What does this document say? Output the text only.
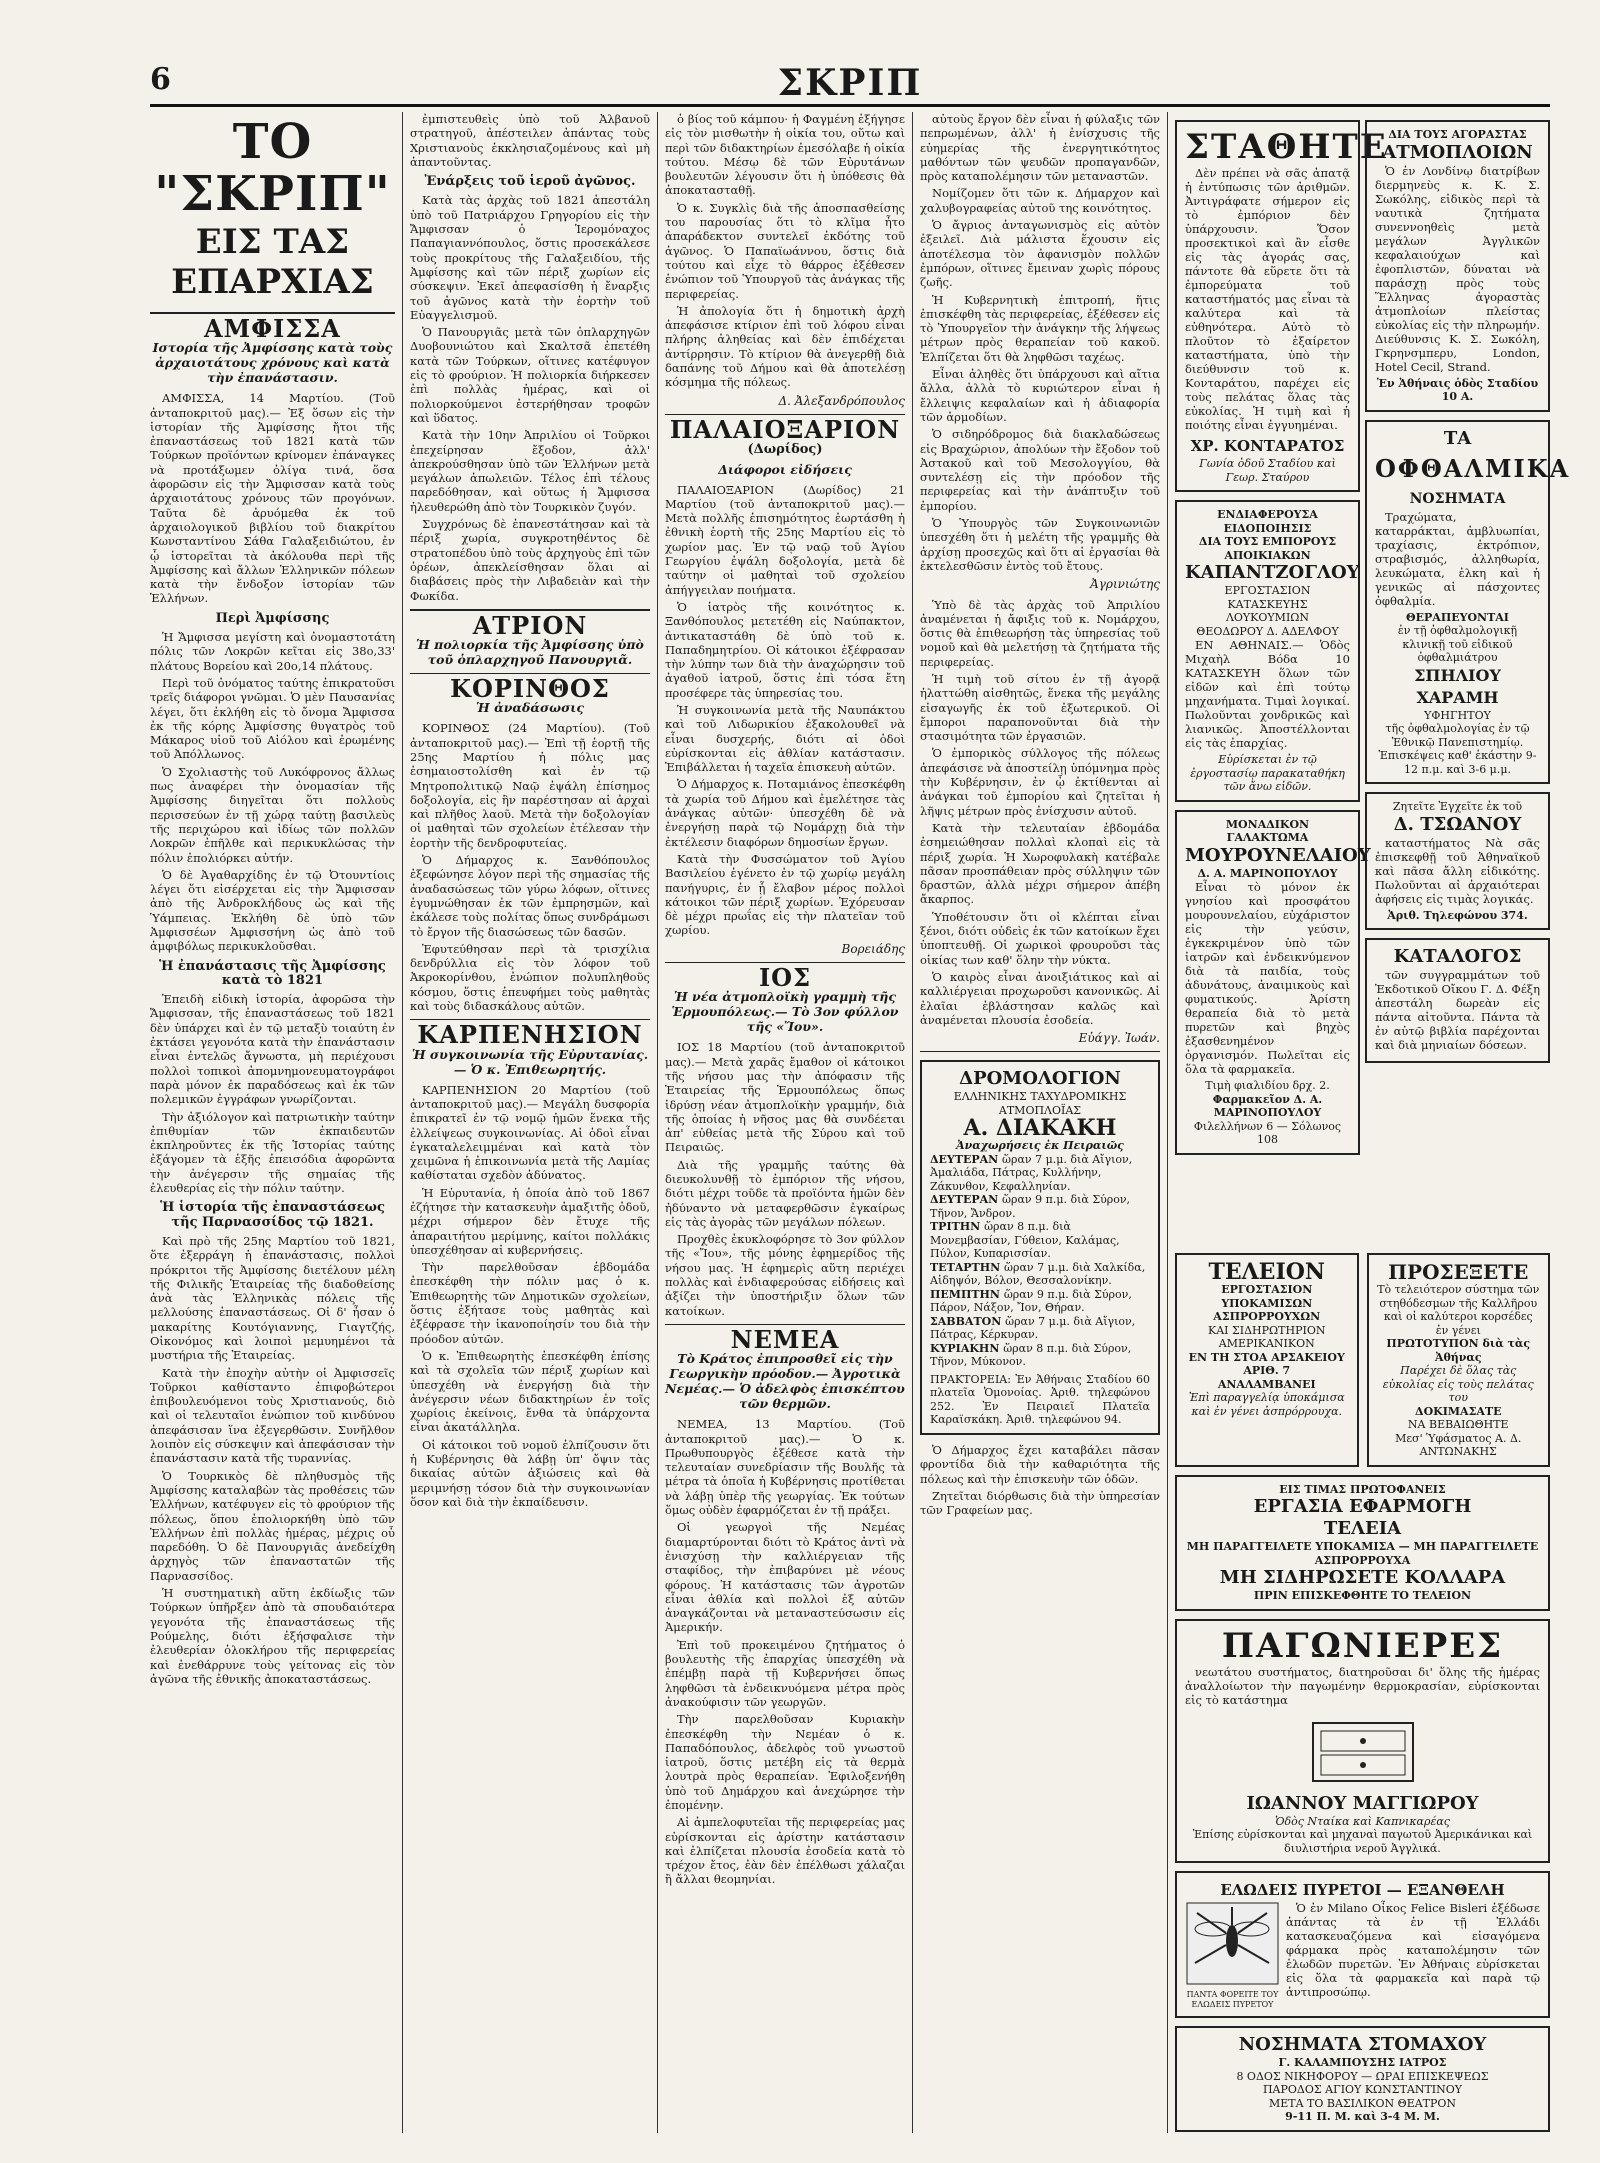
6	ΣΚΡΙΠ
ΤΟ "ΣΚΡΙΠ"
ΕΙΣ ΤΑΣ ΕΠΑΡΧΙΑΣ
ΑΜΦΙΣΣΑ
Ιστορία τῆς Ἀμφίσσης κατὰ τοὺς ἀρχαιοτάτους χρόνους καὶ κατὰ τὴν ἐπανάστασιν.

ΑΜΦΙΣΣΑ, 14 Μαρτίου. (Τοῦ ἀνταποκριτοῦ μας).— Ἐξ ὅσων εἰς τὴν ἱστορίαν τῆς Ἀμφίσσης ἤτοι τῆς ἐπαναστάσεως τοῦ 1821 κατὰ τῶν Τούρκων προϊόντων κρίνομεν ἐπάναγκες νὰ προτάξωμεν ὀλίγα τινά, ὅσα ἀφορῶσιν εἰς τὴν Ἄμφισσαν κατὰ τοὺς ἀρχαιοτάτους χρόνους τῶν προγόνων. Ταῦτα δὲ ἀρυόμεθα ἐκ τοῦ ἀρχαιολογικοῦ βιβλίου τοῦ διακρίτου Κωνσταντίνου Σάθα Γαλαξειδιώτου, ἐν ᾧ ἱστορεῖται τὰ ἀκόλουθα περὶ τῆς Ἀμφίσσης καὶ ἄλλων Ἑλληνικῶν πόλεων κατὰ τὴν ἔνδοξον ἱστορίαν τῶν Ἑλλήνων.

Περὶ Ἀμφίσσης

Ἡ Ἄμφισσα μεγίστη καὶ ὀνομαστοτάτη πόλις τῶν Λοκρῶν κεῖται εἰς 38ο,33' πλάτους Βορείου καὶ 20ο,14 πλάτους.

Περὶ τοῦ ὀνόματος ταύτης ἐπικρατοῦσι τρεῖς διάφοροι γνῶμαι. Ὁ μὲν Παυσανίας λέγει, ὅτι ἐκλήθη εἰς τὸ ὄνομα Ἄμφισσα ἐκ τῆς κόρης Ἀμφίσσης θυγατρὸς τοῦ Μάκαρος υἱοῦ τοῦ Αἰόλου καὶ ἐρωμένης τοῦ Ἀπόλλωνος.

Ὁ Σχολιαστὴς τοῦ Λυκόφρονος ἄλλως πως ἀναφέρει τὴν ὀνομασίαν τῆς Ἀμφίσσης διηγεῖται ὅτι πολλοὺς περισσεύων ἐν τῇ χώρᾳ ταύτῃ βασιλεὺς τῆς περιχώρου καὶ ἰδίως τῶν πολλῶν Λοκρῶν ἐπῆλθε καὶ περικυκλώσας τὴν πόλιν ἐπολιόρκει αὐτήν.

Ὁ δὲ Ἀγαθαρχίδης ἐν τῷ Ὀτουντίοις λέγει ὅτι εἰσέρχεται εἰς τὴν Ἄμφισσαν ἀπὸ τῆς Ἀνδροκλήδους ὡς καὶ τῆς Ὑάμπειας. Ἐκλήθη δὲ ὑπὸ τῶν Ἀμφισσέων Ἀμφισσήνη ὡς ἀπὸ τοῦ ἀμφιβόλως περικυκλοῦσθαι.

Ἡ ἐπανάστασις τῆς Ἀμφίσσης κατὰ τὸ 1821

Ἐπειδὴ εἰδικὴ ἱστορία, ἀφορῶσα τὴν Ἄμφισσαν, τῆς ἐπαναστάσεως τοῦ 1821 δὲν ὑπάρχει καὶ ἐν τῷ μεταξὺ τοιαύτη ἐν ἐκτάσει γεγονότα κατὰ τὴν ἐπανάστασιν εἶναι ἐντελῶς ἄγνωστα, μὴ περιέχουσι πολλοὶ τοπικοὶ ἀπομνημονευματογράφοι παρὰ μόνον ἐκ παραδόσεως καὶ ἐκ τῶν πολεμικῶν ἐγγράφων γνωρίζονται.

Τὴν ἀξιόλογον καὶ πατριωτικὴν ταύτην ἐπιθυμίαν τῶν ἐκπαιδευτῶν ἐκπληροῦντες ἐκ τῆς Ἱστορίας ταύτης ἐξάγομεν τὰ ἑξῆς ἐπεισόδια ἀφορῶντα τὴν ἀνέγερσιν τῆς σημαίας τῆς ἐλευθερίας εἰς τὴν πόλιν ταύτην.

Ἡ ἱστορία τῆς ἐπαναστάσεως τῆς Παρνασσίδος τῷ 1821.

Καὶ πρὸ τῆς 25ης Μαρτίου τοῦ 1821, ὅτε ἐξερράγη ἡ ἐπανάστασις, πολλοὶ πρόκριτοι τῆς Ἀμφίσσης διετέλουν μέλη τῆς Φιλικῆς Ἑταιρείας τῆς διαδοθείσης ἀνὰ τὰς Ἑλληνικὰς πόλεις τῆς μελλούσης ἐπαναστάσεως. Οἱ δ' ἦσαν ὁ μακαρίτης Κουτόγιαννης, Γιαγτζής, Οἰκονόμος καὶ λοιποὶ μεμυημένοι τὰ μυστήρια τῆς Ἑταιρείας.

Κατὰ τὴν ἐποχὴν αὐτὴν οἱ Ἀμφισσεῖς Τοῦρκοι καθίσταντο ἐπιφοβώτεροι ἐπιβουλευόμενοι τοὺς Χριστιανούς, διὸ καὶ οἱ τελευταῖοι ἐνώπιον τοῦ κινδύνου ἀπεφάσισαν ἵνα ἐξεγερθῶσιν. Συνῆλθον λοιπὸν εἰς σύσκεψιν καὶ ἀπεφάσισαν τὴν ἐπανάστασιν κατὰ τῆς τυραννίας.

Ὁ Τουρκικὸς δὲ πληθυσμὸς τῆς Ἀμφίσσης καταλαβὼν τὰς προθέσεις τῶν Ἑλλήνων, κατέφυγεν εἰς τὸ φρούριον τῆς πόλεως, ὅπου ἐπολιορκήθη ὑπὸ τῶν Ἑλλήνων ἐπὶ πολλὰς ἡμέρας, μέχρις οὗ παρεδόθη. Ὁ δὲ Πανουργιᾶς ἀνεδείχθη ἀρχηγὸς τῶν ἐπαναστατῶν τῆς Παρνασσίδος.

Ἡ συστηματικὴ αὕτη ἐκδίωξις τῶν Τούρκων ὑπῆρξεν ἀπὸ τὰ σπουδαιότερα γεγονότα τῆς ἐπαναστάσεως τῆς Ρούμελης, διότι ἐξήσφαλισε τὴν ἐλευθερίαν ὁλοκλήρου τῆς περιφερείας καὶ ἐνεθάρρυνε τοὺς γείτονας εἰς τὸν ἀγῶνα τῆς ἐθνικῆς ἀποκαταστάσεως.

ἐμπιστευθεὶς ὑπὸ τοῦ Ἀλβανοῦ στρατηγοῦ, ἀπέστειλεν ἀπάντας τοὺς Χριστιανοὺς ἐκκλησιαζομένους καὶ μὴ ἀπαντοῦντας.

Ἐνάρξεις τοῦ ἱεροῦ ἀγῶνος.

Κατὰ τὰς ἀρχὰς τοῦ 1821 ἀπεστάλη ὑπὸ τοῦ Πατριάρχου Γρηγορίου εἰς τὴν Ἄμφισσαν ὁ Ἱερομόναχος Παπαγιαννόπουλος, ὅστις προσεκάλεσε τοὺς προκρίτους τῆς Γαλαξειδίου, τῆς Ἀμφίσσης καὶ τῶν πέριξ χωρίων εἰς σύσκεψιν. Ἐκεῖ ἀπεφασίσθη ἡ ἔναρξις τοῦ ἀγῶνος κατὰ τὴν ἑορτὴν τοῦ Εὐαγγελισμοῦ.

Ὁ Πανουργιᾶς μετὰ τῶν ὁπλαρχηγῶν Δυοβουνιώτου καὶ Σκαλτσᾶ ἐπετέθη κατὰ τῶν Τούρκων, οἵτινες κατέφυγον εἰς τὸ φρούριον. Ἡ πολιορκία διήρκεσεν ἐπὶ πολλὰς ἡμέρας, καὶ οἱ πολιορκούμενοι ἐστερήθησαν τροφῶν καὶ ὕδατος.

Κατὰ τὴν 10ην Ἀπριλίου οἱ Τοῦρκοι ἐπεχείρησαν ἔξοδον, ἀλλ' ἀπεκρούσθησαν ὑπὸ τῶν Ἑλλήνων μετὰ μεγάλων ἀπωλειῶν. Τέλος ἐπὶ τέλους παρεδόθησαν, καὶ οὕτως ἡ Ἄμφισσα ἠλευθερώθη ἀπὸ τὸν Τουρκικὸν ζυγόν.

Συγχρόνως δὲ ἐπανεστάτησαν καὶ τὰ πέριξ χωρία, συγκροτηθέντος δὲ στρατοπέδου ὑπὸ τοὺς ἀρχηγοὺς ἐπὶ τῶν ὀρέων, ἀπεκλείσθησαν ὅλαι αἱ διαβάσεις πρὸς τὴν Λιβαδειὰν καὶ τὴν Φωκίδα.

ΑΤΡΙΟΝ
Ἡ πολιορκία τῆς Ἀμφίσσης ὑπὸ τοῦ ὁπλαρχηγοῦ Πανουργιᾶ.
ΚΟΡΙΝΘΟΣ
Ἡ ἀναδάσωσις

ΚΟΡΙΝΘΟΣ (24 Μαρτίου). (Τοῦ ἀνταποκριτοῦ μας).— Ἐπὶ τῇ ἑορτῇ τῆς 25ης Μαρτίου ἡ πόλις μας ἐσημαιοστολίσθη καὶ ἐν τῷ Μητροπολιτικῷ Ναῷ ἐψάλη ἐπίσημος δοξολογία, εἰς ἣν παρέστησαν αἱ ἀρχαὶ καὶ πλῆθος λαοῦ. Μετὰ τὴν δοξολογίαν οἱ μαθηταὶ τῶν σχολείων ἐτέλεσαν τὴν ἑορτὴν τῆς δενδροφυτείας.

Ὁ Δήμαρχος κ. Ξανθόπουλος ἐξεφώνησε λόγον περὶ τῆς σημασίας τῆς ἀναδασώσεως τῶν γύρω λόφων, οἵτινες ἐγυμνώθησαν ἐκ τῶν ἐμπρησμῶν, καὶ ἐκάλεσε τοὺς πολίτας ὅπως συνδράμωσι τὸ ἔργον τῆς διασώσεως τῶν δασῶν.

Ἐφυτεύθησαν περὶ τὰ τρισχίλια δενδρύλλια εἰς τὸν λόφον τοῦ Ἀκροκορίνθου, ἐνώπιον πολυπληθοῦς κόσμου, ὅστις ἐπευφήμει τοὺς μαθητὰς καὶ τοὺς διδασκάλους αὐτῶν.

ΚΑΡΠΕΝΗΣΙΟΝ
Ἡ συγκοινωνία τῆς Εὐρυτανίας.— Ὁ κ. Ἐπιθεωρητής.

ΚΑΡΠΕΝΗΣΙΟΝ 20 Μαρτίου (τοῦ ἀνταποκριτοῦ μας).— Μεγάλη δυσφορία ἐπικρατεῖ ἐν τῷ νομῷ ἡμῶν ἕνεκα τῆς ἐλλείψεως συγκοινωνίας. Αἱ ὁδοὶ εἶναι ἐγκαταλελειμμέναι καὶ κατὰ τὸν χειμῶνα ἡ ἐπικοινωνία μετὰ τῆς Λαμίας καθίσταται σχεδὸν ἀδύνατος.

Ἡ Εὐρυτανία, ἡ ὁποία ἀπὸ τοῦ 1867 ἐζήτησε τὴν κατασκευὴν ἁμαξιτῆς ὁδοῦ, μέχρι σήμερον δὲν ἔτυχε τῆς ἀπαραιτήτου μερίμνης, καίτοι πολλάκις ὑπεσχέθησαν αἱ κυβερνήσεις.

Τὴν παρελθοῦσαν ἑβδομάδα ἐπεσκέφθη τὴν πόλιν μας ὁ κ. Ἐπιθεωρητὴς τῶν Δημοτικῶν σχολείων, ὅστις ἐξήτασε τοὺς μαθητὰς καὶ ἐξέφρασε τὴν ἱκανοποίησίν του διὰ τὴν πρόοδον αὐτῶν.

Ὁ κ. Ἐπιθεωρητὴς ἐπεσκέφθη ἐπίσης καὶ τὰ σχολεῖα τῶν πέριξ χωρίων καὶ ὑπεσχέθη νὰ ἐνεργήσῃ διὰ τὴν ἀνέγερσιν νέων διδακτηρίων ἐν τοῖς χωρίοις ἐκείνοις, ἔνθα τὰ ὑπάρχοντα εἶναι ἀκατάλληλα.

Οἱ κάτοικοι τοῦ νομοῦ ἐλπίζουσιν ὅτι ἡ Κυβέρνησις θὰ λάβῃ ὑπ' ὄψιν τὰς δικαίας αὐτῶν ἀξιώσεις καὶ θὰ μεριμνήσῃ τόσον διὰ τὴν συγκοινωνίαν ὅσον καὶ διὰ τὴν ἐκπαίδευσιν.

ὁ βίος τοῦ κάμπου· ἡ Φαγμένη ἐξήγησε εἰς τὸν μισθωτὴν ἡ οἰκία του, οὕτω καὶ περὶ τῶν διδακτηρίων ἐμεσόλαβε ἡ οἰκία τούτου. Μέσῳ δὲ τῶν Εὐρυτάνων βουλευτῶν λέγουσιν ὅτι ἡ ὑπόθεσις θὰ ἀποκατασταθῇ.

Ὁ κ. Συγκλὶς διὰ τῆς ἀποσπασθείσης του παρουσίας ὅτι τὸ κλῖμα ἦτο ἀπαράδεκτον συντελεῖ ἐκδότης τοῦ ἀγῶνος. Ὁ Παπαϊωάννου, ὅστις διὰ τούτου καὶ εἶχε τὸ θάρρος ἐξέθεσεν ἐνώπιον τοῦ Ὑπουργοῦ τὰς ἀνάγκας τῆς περιφερείας.

Ἡ ἀπολογία ὅτι ἡ δημοτικὴ ἀρχὴ ἀπεφάσισε κτίριον ἐπὶ τοῦ λόφου εἶναι πλήρης ἀληθείας καὶ δὲν ἐπιδέχεται ἀντίρρησιν. Τὸ κτίριον θὰ ἀνεγερθῇ διὰ δαπάνης τοῦ Δήμου καὶ θὰ ἀποτελέσῃ κόσμημα τῆς πόλεως.

Δ. Ἀλεξανδρόπουλος
ΠΑΛΑΙΟΞΑΡΙΟΝ
(Δωρίδος)
Διάφοροι εἰδήσεις

ΠΑΛΑΙΟΞΑΡΙΟΝ (Δωρίδος) 21 Μαρτίου (τοῦ ἀνταποκριτοῦ μας).— Μετὰ πολλῆς ἐπισημότητος ἐωρτάσθη ἡ ἐθνικὴ ἑορτὴ τῆς 25ης Μαρτίου εἰς τὸ χωρίον μας. Ἐν τῷ ναῷ τοῦ Ἁγίου Γεωργίου ἐψάλη δοξολογία, μετὰ δὲ ταύτην οἱ μαθηταὶ τοῦ σχολείου ἀπήγγειλαν ποιήματα.

Ὁ ἰατρὸς τῆς κοινότητος κ. Ξανθόπουλος μετετέθη εἰς Ναύπακτον, ἀντικαταστάθη δὲ ὑπὸ τοῦ κ. Παπαδημητρίου. Οἱ κάτοικοι ἐξέφρασαν τὴν λύπην των διὰ τὴν ἀναχώρησιν τοῦ ἀγαθοῦ ἰατροῦ, ὅστις ἐπὶ τόσα ἔτη προσέφερε τὰς ὑπηρεσίας του.

Ἡ συγκοινωνία μετὰ τῆς Ναυπάκτου καὶ τοῦ Λιδωρικίου ἐξακολουθεῖ νὰ εἶναι δυσχερής, διότι αἱ ὁδοὶ εὑρίσκονται εἰς ἀθλίαν κατάστασιν. Ἐπιβάλλεται ἡ ταχεῖα ἐπισκευὴ αὐτῶν.

Ὁ Δήμαρχος κ. Ποταμιάνος ἐπεσκέφθη τὰ χωρία τοῦ Δήμου καὶ ἐμελέτησε τὰς ἀνάγκας αὐτῶν· ὑπεσχέθη δὲ νὰ ἐνεργήσῃ παρὰ τῷ Νομάρχῃ διὰ τὴν ἐκτέλεσιν διαφόρων δημοσίων ἔργων.

Κατὰ τὴν Φυσσώματον τοῦ Ἀγίου Βασιλείου ἐγένετο ἐν τῷ χωρίῳ μεγάλη πανήγυρις, ἐν ᾗ ἔλαβον μέρος πολλοὶ κάτοικοι τῶν πέριξ χωρίων. Ἐχόρευσαν δὲ μέχρι πρωΐας εἰς τὴν πλατεῖαν τοῦ χωρίου.

Βορειάδης
ΙΟΣ
Ἡ νέα ἀτμοπλοϊκὴ γραμμὴ τῆς Ἑρμουπόλεως.— Τὸ 3ον φύλλον τῆς «Ἴου».

ΙΟΣ 18 Μαρτίου (τοῦ ἀνταποκριτοῦ μας).— Μετὰ χαρᾶς ἔμαθον οἱ κάτοικοι τῆς νήσου μας τὴν ἀπόφασιν τῆς Ἑταιρείας τῆς Ἑρμουπόλεως ὅπως ἱδρύσῃ νέαν ἀτμοπλοϊκὴν γραμμήν, διὰ τῆς ὁποίας ἡ νῆσος μας θὰ συνδέεται ἀπ' εὐθείας μετὰ τῆς Σύρου καὶ τοῦ Πειραιῶς.

Διὰ τῆς γραμμῆς ταύτης θὰ διευκολυνθῇ τὸ ἐμπόριον τῆς νήσου, διότι μέχρι τοῦδε τὰ προϊόντα ἡμῶν δὲν ἠδύναντο νὰ μεταφερθῶσιν ἐγκαίρως εἰς τὰς ἀγορὰς τῶν μεγάλων πόλεων.

Προχθὲς ἐκυκλοφόρησε τὸ 3ον φύλλον τῆς «Ἴου», τῆς μόνης ἐφημερίδος τῆς νήσου μας. Ἡ ἐφημερὶς αὕτη περιέχει πολλὰς καὶ ἐνδιαφερούσας εἰδήσεις καὶ ἀξίζει τὴν ὑποστήριξιν ὅλων τῶν κατοίκων.

ΝΕΜΕΑ
Τὸ Κράτος ἐπιπροσθεῖ εἰς τὴν Γεωργικὴν πρόοδον.— Ἀγροτικὰ Νεμέας.— Ὁ ἀδελφὸς ἐπισκέπτου τῶν θερμῶν.

ΝΕΜΕΑ, 13 Μαρτίου. (Τοῦ ἀνταποκριτοῦ μας).— Ὁ κ. Πρωθυπουργὸς ἐξέθεσε κατὰ τὴν τελευταίαν συνεδρίασιν τῆς Βουλῆς τὰ μέτρα τὰ ὁποῖα ἡ Κυβέρνησις προτίθεται νὰ λάβῃ ὑπὲρ τῆς γεωργίας. Ἐκ τούτων ὅμως οὐδὲν ἐφαρμόζεται ἐν τῇ πράξει.

Οἱ γεωργοὶ τῆς Νεμέας διαμαρτύρονται διότι τὸ Κράτος ἀντὶ νὰ ἐνισχύσῃ τὴν καλλιέργειαν τῆς σταφίδος, τὴν ἐπιβαρύνει μὲ νέους φόρους. Ἡ κατάστασις τῶν ἀγροτῶν εἶναι ἀθλία καὶ πολλοὶ ἐξ αὐτῶν ἀναγκάζονται νὰ μεταναστεύσωσιν εἰς Ἀμερικήν.

Ἐπὶ τοῦ προκειμένου ζητήματος ὁ βουλευτὴς τῆς ἐπαρχίας ὑπεσχέθη νὰ ἐπέμβῃ παρὰ τῇ Κυβερνήσει ὅπως ληφθῶσι τὰ ἐνδεικνυόμενα μέτρα πρὸς ἀνακούφισιν τῶν γεωργῶν.

Τὴν παρελθοῦσαν Κυριακὴν ἐπεσκέφθη τὴν Νεμέαν ὁ κ. Παπαδόπουλος, ἀδελφὸς τοῦ γνωστοῦ ἰατροῦ, ὅστις μετέβη εἰς τὰ θερμὰ λουτρὰ πρὸς θεραπείαν. Ἐφιλοξενήθη ὑπὸ τοῦ Δημάρχου καὶ ἀνεχώρησε τὴν ἐπομένην.

Αἱ ἀμπελοφυτεῖαι τῆς περιφερείας μας εὑρίσκονται εἰς ἀρίστην κατάστασιν καὶ ἐλπίζεται πλουσία ἐσοδεία κατὰ τὸ τρέχον ἔτος, ἐὰν δὲν ἐπέλθωσι χάλαζαι ἢ ἄλλαι θεομηνίαι.

αὐτοὺς ἔργον δὲν εἶναι ἡ φύλαξις τῶν πεπρωμένων, ἀλλ' ἡ ἐνίσχυσις τῆς εὐημερίας τῆς ἐνεργητικότητος μαθόντων τῶν ψευδῶν προπαγανδῶν, πρὸς καταπολέμησιν τῶν μεταναστῶν.

Νομίζομεν ὅτι τῶν κ. Δήμαρχον καὶ χαλυβογραφείας αὐτοῦ της κοινότητος.

Ὁ ἄγριος ἀνταγωνισμὸς εἰς αὐτὸν ἐξειλεῖ. Διὰ μάλιστα ἕχουσιν εἰς ἀποτέλεσμα τὸν ἀφανισμὸν πολλῶν ἐμπόρων, οἵτινες ἔμειναν χωρὶς πόρους ζωῆς.

Ἡ Κυβερνητικὴ ἐπιτροπή, ἥτις ἐπισκέφθη τὰς περιφερείας, ἐξέθεσεν εἰς τὸ Ὑπουργεῖον τὴν ἀνάγκην τῆς λήψεως μέτρων πρὸς θεραπείαν τοῦ κακοῦ. Ἐλπίζεται ὅτι θὰ ληφθῶσι ταχέως.

Εἶναι ἀληθὲς ὅτι ὑπάρχουσι καὶ αἴτια ἄλλα, ἀλλὰ τὸ κυριώτερον εἶναι ἡ ἔλλειψις κεφαλαίων καὶ ἡ ἀδιαφορία τῶν ἀρμοδίων.

Ὁ σιδηρόδρομος διὰ διακλαδώσεως εἰς Βραχώριον, ἀπολύων τὴν ἔξοδον τοῦ Ἀστακοῦ καὶ τοῦ Μεσολογγίου, θὰ συντελέσῃ εἰς τὴν πρόοδον τῆς περιφερείας καὶ τὴν ἀνάπτυξιν τοῦ ἐμπορίου.

Ὁ Ὑπουργὸς τῶν Συγκοινωνιῶν ὑπεσχέθη ὅτι ἡ μελέτη τῆς γραμμῆς θὰ ἀρχίσῃ προσεχῶς καὶ ὅτι αἱ ἐργασίαι θὰ ἐκτελεσθῶσιν ἐντὸς τοῦ ἔτους.

Ἀγρινιώτης

Ὑπὸ δὲ τὰς ἀρχὰς τοῦ Ἀπριλίου ἀναμένεται ἡ ἄφιξις τοῦ κ. Νομάρχου, ὅστις θὰ ἐπιθεωρήσῃ τὰς ὑπηρεσίας τοῦ νομοῦ καὶ θὰ μελετήσῃ τὰ ζητήματα τῆς περιφερείας.

Ἡ τιμὴ τοῦ σίτου ἐν τῇ ἀγορᾷ ἠλαττώθη αἰσθητῶς, ἕνεκα τῆς μεγάλης εἰσαγωγῆς ἐκ τοῦ ἐξωτερικοῦ. Οἱ ἔμποροι παραπονοῦνται διὰ τὴν στασιμότητα τῶν ἐργασιῶν.

Ὁ ἐμπορικὸς σύλλογος τῆς πόλεως ἀπεφάσισε νὰ ἀποστείλῃ ὑπόμνημα πρὸς τὴν Κυβέρνησιν, ἐν ᾧ ἐκτίθενται αἱ ἀνάγκαι τοῦ ἐμπορίου καὶ ζητεῖται ἡ λῆψις μέτρων πρὸς ἐνίσχυσιν αὐτοῦ.

Κατὰ τὴν τελευταίαν ἑβδομάδα ἐσημειώθησαν πολλαὶ κλοπαὶ εἰς τὰ πέριξ χωρία. Ἡ Χωροφυλακὴ κατέβαλε πᾶσαν προσπάθειαν πρὸς σύλληψιν τῶν δραστῶν, ἀλλὰ μέχρι σήμερον ἀπέβη ἄκαρπος.

Ὑποθέτουσιν ὅτι οἱ κλέπται εἶναι ξένοι, διότι οὐδεὶς ἐκ τῶν κατοίκων ἔχει ὑποπτευθῇ. Οἱ χωρικοὶ φρουροῦσι τὰς οἰκίας των καθ' ὅλην τὴν νύκτα.

Ὁ καιρὸς εἶναι ἀνοιξιάτικος καὶ αἱ καλλιέργειαι προχωροῦσι κανονικῶς. Αἱ ἐλαῖαι ἐβλάστησαν καλῶς καὶ ἀναμένεται πλουσία ἐσοδεία.

Εὐάγγ. Ἰωάν.
ΔΡΟΜΟΛΟΓΙΟΝ
ΕΛΛΗΝΙΚΗΣ ΤΑΧΥΔΡΟΜΙΚΗΣ ΑΤΜΟΠΛΟΪΑΣ
Α. ΔΙΑΚΑΚΗ
Ἀναχωρήσεις ἐκ Πειραιῶς
ΔΕΥΤΕΡΑΝ ὥραν 7 μ.μ. διὰ Αἴγιον, Ἀμαλιάδα, Πάτρας, Κυλλήνην, Ζάκυνθον, Κεφαλληνίαν.
ΔΕΥΤΕΡΑΝ ὥραν 9 π.μ. διὰ Σύρον, Τῆνον, Ἄνδρον.
ΤΡΙΤΗΝ ὥραν 8 π.μ. διὰ Μονεμβασίαν, Γύθειον, Καλάμας, Πύλον, Κυπαρισσίαν.
ΤΕΤΑΡΤΗΝ ὥραν 7 μ.μ. διὰ Χαλκίδα, Αἰδηψόν, Βόλον, Θεσσαλονίκην.
ΠΕΜΠΤΗΝ ὥραν 9 π.μ. διὰ Σύρον, Πάρον, Νάξον, Ἴον, Θήραν.
ΣΑΒΒΑΤΟΝ ὥραν 7 μ.μ. διὰ Αἴγιον, Πάτρας, Κέρκυραν.
ΚΥΡΙΑΚΗΝ ὥραν 8 π.μ. διὰ Σύρον, Τῆνον, Μύκονον.
ΠΡΑΚΤΟΡΕΙΑ: Ἐν Ἀθήναις Σταδίου 60 πλατεῖα Ὁμονοίας. Ἀριθ. τηλεφώνου 252. Ἐν Πειραιεῖ Πλατεῖα Καραϊσκάκη. Ἀριθ. τηλεφώνου 94.

Ὁ Δήμαρχος ἔχει καταβάλει πᾶσαν φροντίδα διὰ τὴν καθαριότητα τῆς πόλεως καὶ τὴν ἐπισκευὴν τῶν ὁδῶν.

Ζητεῖται διόρθωσις διὰ τὴν ὑπηρεσίαν τῶν Γραφείων μας.

ΣΤΑΘΗΤΕ

Δὲν πρέπει νὰ σᾶς ἀπατᾷ ἡ ἐντύπωσις τῶν ἀριθμῶν. Ἀντιγράφατε σήμερον εἰς τὸ ἐμπόριον δὲν ὑπάρχουσιν. Ὅσον προσεκτικοὶ καὶ ἂν εἶσθε εἰς τὰς ἀγοράς σας, πάντοτε θὰ εὕρετε ὅτι τὰ ἐμπορεύματα τοῦ καταστήματός μας εἶναι τὰ καλύτερα καὶ τὰ εὐθηνότερα. Αὐτὸ τὸ πλοῦτον τὸ ἐξαίρετον καταστήματα, ὑπὸ τὴν διεύθυνσιν τοῦ κ. Κονταράτου, παρέχει εἰς τοὺς πελάτας ὅλας τὰς εὐκολίας. Ἡ τιμὴ καὶ ἡ ποιότης εἶναι ἐγγυημέναι.

ΧΡ. ΚΟΝΤΑΡΑΤΟΣ
Γωνία ὁδοῦ Σταδίου καὶ Γεωρ. Σταύρου
ΕΝΔΙΑΦΕΡΟΥΣΑ ΕΙΔΟΠΟΙΗΣΙΣ
ΔΙΑ ΤΟΥΣ ΕΜΠΟΡΟΥΣ ΑΠΟΙΚΙΑΚΩΝ
ΚΑΠΑΝΤΖΟΓΛΟΥ
ΕΡΓΟΣΤΑΣΙΟΝ ΚΑΤΑΣΚΕΥΗΣ ΛΟΥΚΟΥΜΙΩΝ
ΘΕΟΔΩΡΟΥ Δ. ΑΔΕΛΦΟΥ

ΕΝ ΑΘΗΝΑΙΣ.— Ὁδὸς Μιχαὴλ Βόδα 10 ΚΑΤΑΣΚΕΥΗ ὅλων τῶν εἰδῶν καὶ ἐπὶ τούτῳ μηχανήματα. Τιμαὶ λογικαί. Πωλοῦνται χονδρικῶς καὶ λιανικῶς. Ἀποστέλλονται εἰς τὰς ἐπαρχίας.

Εὑρίσκεται ἐν τῷ ἐργοστασίῳ παρακαταθήκη τῶν ἄνω εἰδῶν.
ΜΟΝΑΔΙΚΟΝ ΓΑΛΑΚΤΩΜΑ
ΜΟΥΡΟΥΝΕΛΑΙΟΥ
Δ. Α. ΜΑΡΙΝΟΠΟΥΛΟΥ

Εἶναι τὸ μόνον ἐκ γνησίου καὶ προσφάτου μουρουνελαίου, εὐχάριστον εἰς τὴν γεύσιν, ἐγκεκριμένον ὑπὸ τῶν ἰατρῶν καὶ ἐνδεικνύμενον διὰ τὰ παιδία, τοὺς ἀδυνάτους, ἀναιμικοὺς καὶ φυματικούς. Ἀρίστη θεραπεία διὰ τὸ μετὰ πυρετῶν καὶ βηχὸς ἐξασθενημένον ὀργανισμόν. Πωλεῖται εἰς ὅλα τὰ φαρμακεῖα.

Τιμὴ φιαλιδίου δρχ. 2.
Φαρμακεῖον Δ. Α. ΜΑΡΙΝΟΠΟΥΛΟΥ
Φιλελλήνων 6 — Σόλωνος 108
ΔΙΑ ΤΟΥΣ ΑΓΟΡΑΣΤΑΣ
ΑΤΜΟΠΛΟΙΩΝ

Ὁ ἐν Λονδίνῳ διατρίβων διερμηνεὺς κ. Κ. Σ. Σωκόλης, εἰδικὸς περὶ τὰ ναυτικὰ ζητήματα συνεννοηθεὶς μετὰ μεγάλων Ἀγγλικῶν κεφαλαιούχων καὶ ἐφοπλιστῶν, δύναται νὰ παράσχῃ πρὸς τοὺς Ἕλληνας ἀγοραστὰς ἀτμοπλοίων πλείστας εὐκολίας εἰς τὴν πληρωμήν. Διεύθυνσις Κ. Σ. Σωκόλη, Γκρηνσμπερυ, London, Hotel Cecil, Strand.

Ἐν Ἀθήναις ὁδὸς Σταδίου 10 Α.
ΤΑ
ΟΦΘΑΛΜΙΚΑ
ΝΟΣΗΜΑΤΑ

Τραχώματα, καταρράκται, ἀμβλυωπίαι, τραχίασις, ἐκτρόπιον, στραβισμός, ἀλληθωρία, λευκώματα, ἐλκη καὶ ἡ γενικῶς αἱ πάσχοντες ὀφθαλμία.

ΘΕΡΑΠΕΥΟΝΤΑΙ
ἐν τῇ ὀφθαλμολογικῇ κλινικῇ τοῦ εἰδικοῦ ὀφθαλμιάτρου
ΣΠΗΛΙΟΥ ΧΑΡΑΜΗ
ΥΦΗΓΗΤΟΥ
τῆς ὀφθαλμολογίας ἐν τῷ Ἐθνικῷ Πανεπιστημίῳ. Ἐπισκέψεις καθ' ἑκάστην 9-12 π.μ. καὶ 3-6 μ.μ.
Ζητεῖτε Ἐγχεῖτε ἐκ τοῦ
Δ. ΤΣΩΑΝΟΥ

καταστήματος Νὰ σᾶς ἐπισκεφθῇ τοῦ Ἀθηναϊκοῦ καὶ πᾶσα ἄλλη εἰδικότης. Πωλοῦνται αἱ ἀρχαιότεραι ἀφήσεις εἰς τιμὰς λογικάς.

Ἀριθ. Τηλεφώνου 374.
ΚΑΤΑΛΟΓΟΣ

τῶν συγγραμμάτων τοῦ Ἐκδοτικοῦ Οἴκου Γ. Δ. Φέξη ἀπεστάλη δωρεὰν εἰς πάντα αἰτοῦντα. Πάντα τὰ ἐν αὐτῷ βιβλία παρέχονται καὶ διὰ μηνιαίων δόσεων.

ΤΕΛΕΙΟΝ
ΕΡΓΟΣΤΑΣΙΟΝ ΥΠΟΚΑΜΙΣΩΝ
ΑΣΠΡΟΡΡΟΥΧΩΝ
ΚΑΙ ΣΙΔΗΡΩΤΗΡΙΟΝ ΑΜΕΡΙΚΑΝΙΚΟΝ
ΕΝ ΤΗ ΣΤΟΑ ΑΡΣΑΚΕΙΟΥ ΑΡΙΘ. 7
ΑΝΑΛΑΜΒΑΝΕΙ
Ἐπὶ παραγγελίᾳ ὑποκάμισα καὶ ἐν γένει ἀσπρόρρουχα.
ΠΡΟΣΕΞΕΤΕ
Τὸ τελειότερον σύστημα τῶν στηθόδεσμων τῆς Καλλῆρου καὶ οἱ καλύτεροι κορσέδες ἐν γένει
ΠΡΩΤΟΤΥΠΟΝ διὰ τὰς Ἀθήνας
Παρέχει δὲ ὅλας τὰς εὐκολίας εἰς τοὺς πελάτας του
ΔΟΚΙΜΑΣΑΤΕ
ΝΑ ΒΕΒΑΙΩΘΗΤΕ
Μεσ' Ὑφάσματος Α. Δ. ΑΝΤΩΝΑΚΗΣ
ΕΙΣ ΤΙΜΑΣ ΠΡΩΤΟΦΑΝΕΙΣ
ΕΡΓΑΣΙΑ ΕΦΑΡΜΟΓΗ
ΤΕΛΕΙΑ
ΜΗ ΠΑΡΑΓΓΕΙΛΕΤΕ ΥΠΟΚΑΜΙΣΑ — ΜΗ ΠΑΡΑΓΓΕΙΛΕΤΕ ΑΣΠΡΟΡΡΟΥΧΑ
ΜΗ ΣΙΔΗΡΩΣΕΤΕ ΚΟΛΛΑΡΑ
ΠΡΙΝ ΕΠΙΣΚΕΦΘΗΤΕ ΤΟ ΤΕΛΕΙΟΝ
ΠΑΓΩΝΙΕΡΕΣ

νεωτάτου συστήματος, διατηροῦσαι δι' ὅλης τῆς ἡμέρας ἀναλλοίωτον τὴν παγωμένην θερμοκρασίαν, εὐρίσκονται εἰς τὸ κατάστημα

ΙΩΑΝΝΟΥ ΜΑΓΓΙΩΡΟΥ
Ὁδὸς Νταίκα καὶ Καπνικαρέας
Ἐπίσης εὑρίσκονται καὶ μηχαναὶ παγωτοῦ Ἀμερικάνικαι καὶ διυλιστήρια νεροῦ Ἀγγλικά.
ΕΛΩΔΕΙΣ ΠΥΡΕΤΟΙ — ΕΞΑΝΘΕΛΗ
ΠΑΝΤΑ ΦΟΡΕΙΤΕ ΤΟΥ ΕΛΩΔΕΙΣ ΠΥΡΕΤΟΥ

Ὁ ἐν Milano Οἶκος Felice Bisleri ἐξέδωσε ἀπάντας τὰ ἐν τῇ Ἑλλάδι κατασκευαζόμενα καὶ εἰσαγόμενα φάρμακα πρὸς καταπολέμησιν τῶν ἑλωδῶν πυρετῶν. Ἐν Ἀθήναις εὑρίσκεται εἰς ὅλα τὰ φαρμακεῖα καὶ παρὰ τῷ ἀντιπροσώπῳ.

ΝΟΣΗΜΑΤΑ ΣΤΟΜΑΧΟΥ
Γ. ΚΑΛΑΜΠΟΥΣΗΣ ΙΑΤΡΟΣ
8 ΟΔΟΣ ΝΙΚΗΦΟΡΟΥ — ΩΡΑΙ ΕΠΙΣΚΕΨΕΩΣ
ΠΑΡΟΔΟΣ ΑΓΙΟΥ ΚΩΝΣΤΑΝΤΙΝΟΥ
ΜΕΤΑ ΤΟ ΒΑΣΙΛΙΚΟΝ ΘΕΑΤΡΟΝ
9-11 Π. Μ. καὶ 3-4 Μ. Μ.
